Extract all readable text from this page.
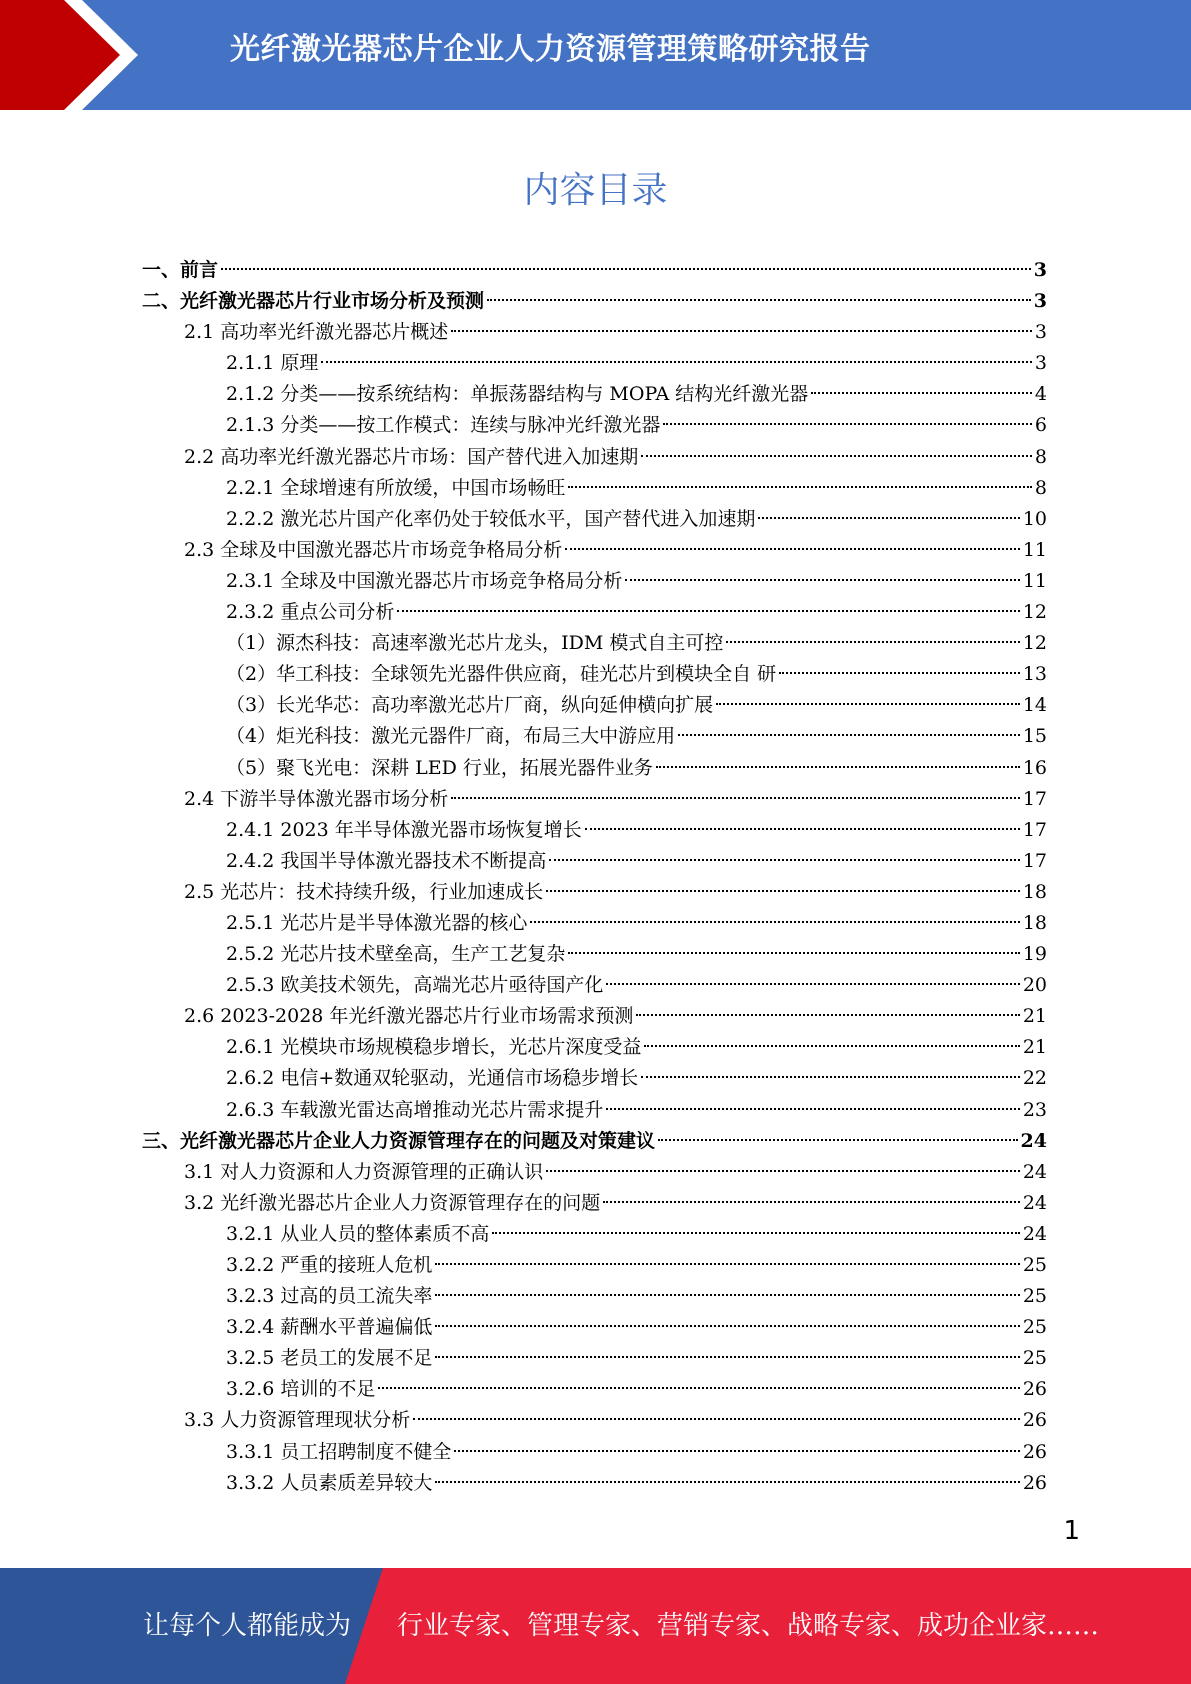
光纤激光器芯片企业人力资源管理策略研究报告
内容目录
一、前言	3
二、光纤激光器芯片行业市场分析及预测	3
2.1 高功率光纤激光器芯片概述	3
2.1.1 原理	3
2.1.2 分类——按系统结构：单振荡器结构与 MOPA 结构光纤激光器	4
2.1.3 分类——按工作模式：连续与脉冲光纤激光器	6
2.2 高功率光纤激光器芯片市场：国产替代进入加速期	8
2.2.1 全球增速有所放缓，中国市场畅旺	8
2.2.2 激光芯片国产化率仍处于较低水平，国产替代进入加速期	10
2.3 全球及中国激光器芯片市场竞争格局分析	11
2.3.1 全球及中国激光器芯片市场竞争格局分析	11
2.3.2 重点公司分析	12
（1）源杰科技：高速率激光芯片龙头，IDM 模式自主可控	12
（2）华工科技：全球领先光器件供应商，硅光芯片到模块全自 研	13
（3）长光华芯：高功率激光芯片厂商，纵向延伸横向扩展	14
（4）炬光科技：激光元器件厂商，布局三大中游应用	15
（5）聚飞光电：深耕 LED 行业，拓展光器件业务	16
2.4 下游半导体激光器市场分析	17
2.4.1 2023 年半导体激光器市场恢复增长	17
2.4.2 我国半导体激光器技术不断提高	17
2.5 光芯片：技术持续升级，行业加速成长	18
2.5.1 光芯片是半导体激光器的核心	18
2.5.2 光芯片技术壁垒高，生产工艺复杂	19
2.5.3 欧美技术领先，高端光芯片亟待国产化	20
2.6 2023-2028 年光纤激光器芯片行业市场需求预测	21
2.6.1 光模块市场规模稳步增长，光芯片深度受益	21
2.6.2 电信+数通双轮驱动，光通信市场稳步增长	22
2.6.3 车载激光雷达高增推动光芯片需求提升	23
三、光纤激光器芯片企业人力资源管理存在的问题及对策建议	24
3.1 对人力资源和人力资源管理的正确认识	24
3.2 光纤激光器芯片企业人力资源管理存在的问题	24
3.2.1 从业人员的整体素质不高	24
3.2.2 严重的接班人危机	25
3.2.3 过高的员工流失率	25
3.2.4 薪酬水平普遍偏低	25
3.2.5 老员工的发展不足	25
3.2.6 培训的不足	26
3.3 人力资源管理现状分析	26
3.3.1 员工招聘制度不健全	26
3.3.2 人员素质差异较大	26
1
让每个人都能成为 行业专家、管理专家、营销专家、战略专家、成功企业家……
